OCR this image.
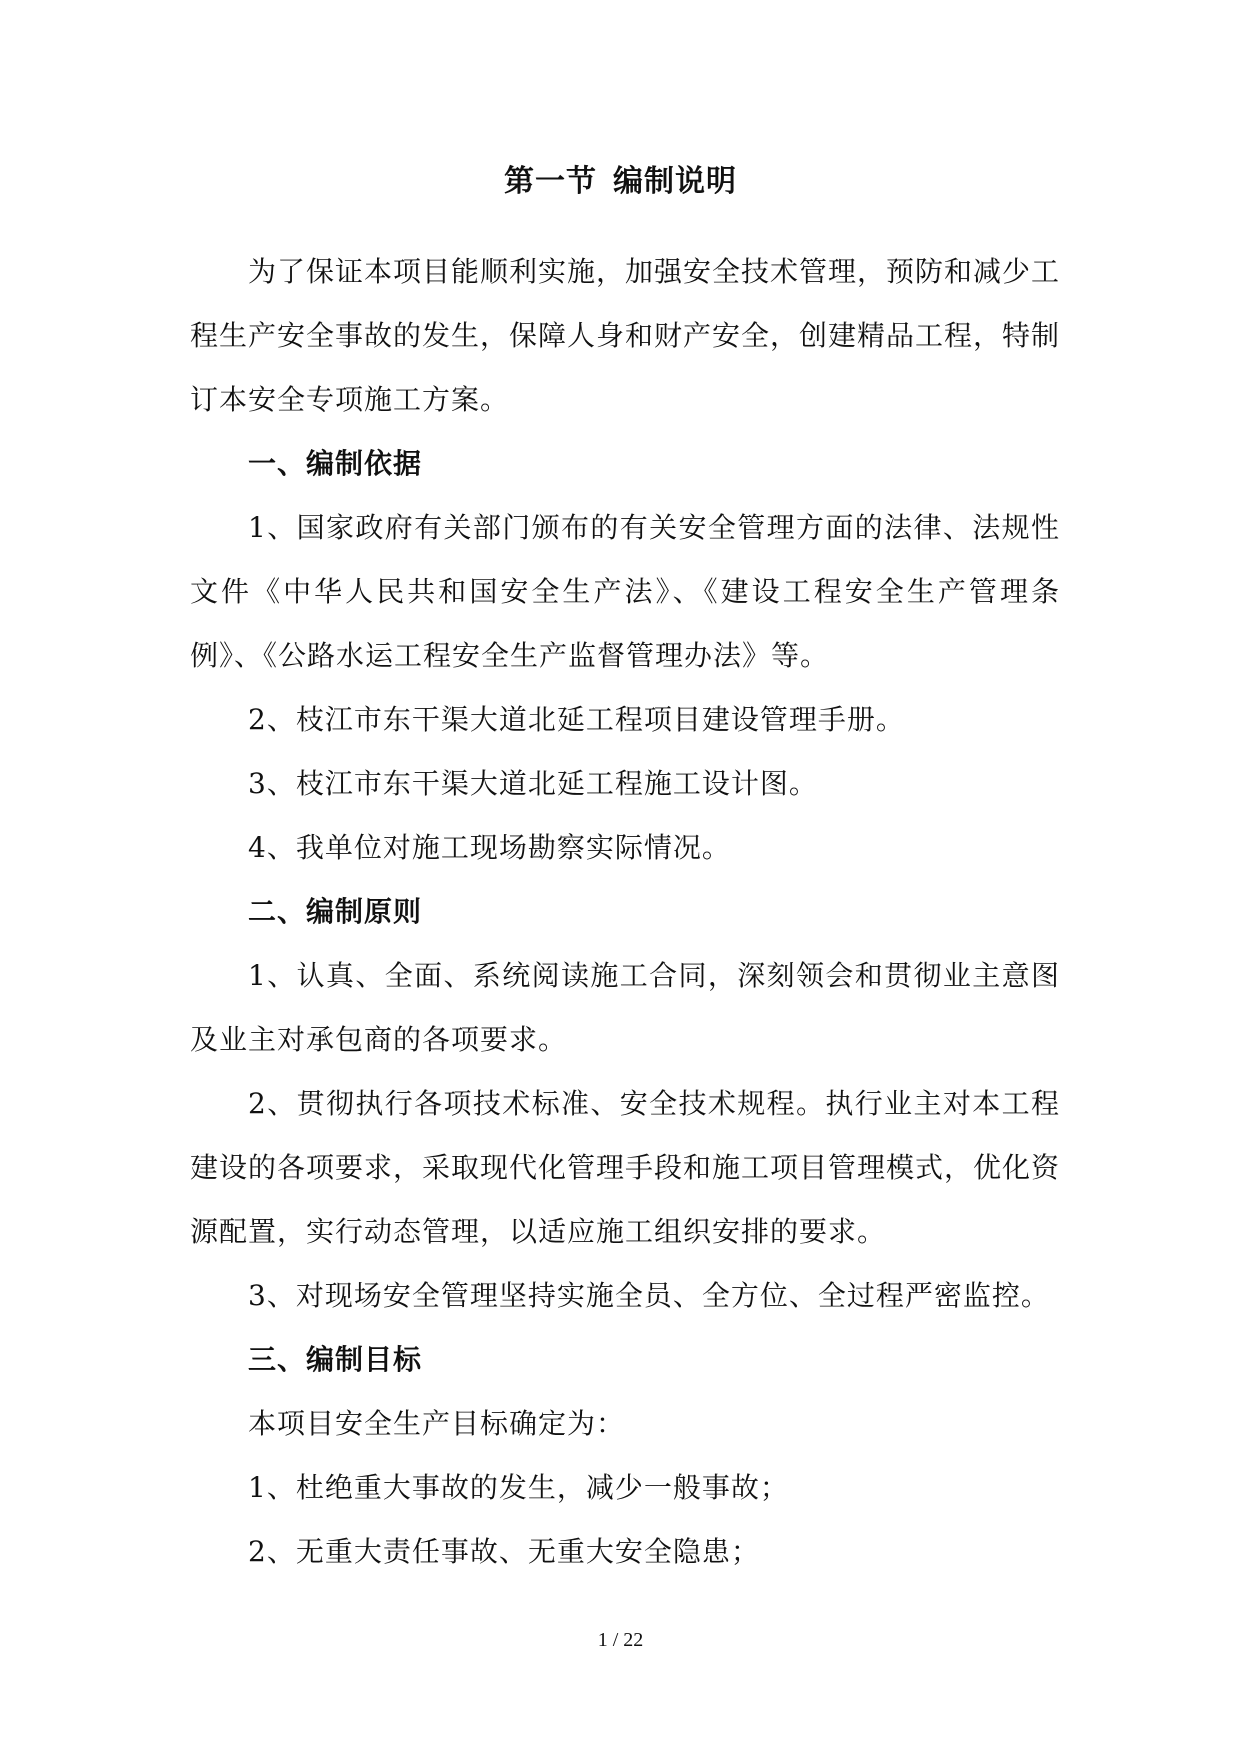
第一节 编制说明

为了保证本项目能顺利实施，加强安全技术管理，预防和减少工程生产安全事故的发生，保障人身和财产安全，创建精品工程，特制订本安全专项施工方案。

一、编制依据

1、国家政府有关部门颁布的有关安全管理方面的法律、法规性文件《中华人民共和国安全生产法》、《建设工程安全生产管理条例》、《公路水运工程安全生产监督管理办法》等。

2、枝江市东干渠大道北延工程项目建设管理手册。

3、枝江市东干渠大道北延工程施工设计图。

4、我单位对施工现场勘察实际情况。

二、编制原则

1、认真、全面、系统阅读施工合同，深刻领会和贯彻业主意图及业主对承包商的各项要求。

2、贯彻执行各项技术标准、安全技术规程。执行业主对本工程建设的各项要求，采取现代化管理手段和施工项目管理模式，优化资源配置，实行动态管理，以适应施工组织安排的要求。

3、对现场安全管理坚持实施全员、全方位、全过程严密监控。

三、编制目标

本项目安全生产目标确定为：

1、杜绝重大事故的发生，减少一般事故；

2、无重大责任事故、无重大安全隐患；

1 / 22
